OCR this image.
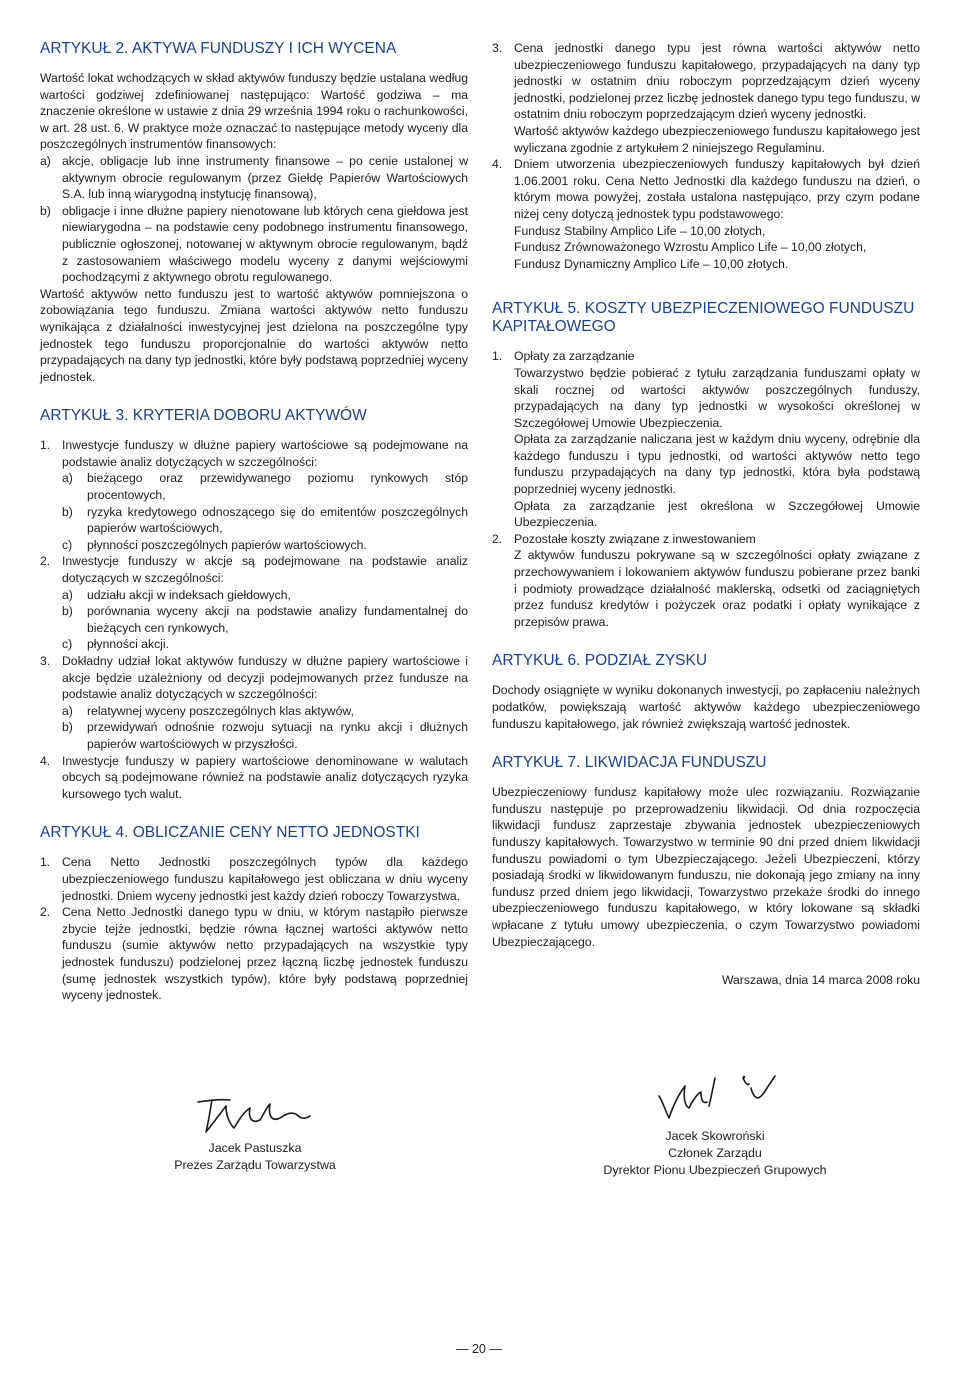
ARTYKUŁ 2. AKTYWA FUNDUSZY I ICH WYCENA

Wartość lokat wchodzących w skład aktywów funduszy będzie ustalana według wartości godziwej zdefiniowanej następująco: Wartość godziwa – ma znaczenie określone w ustawie z dnia 29 września 1994 roku o rachunkowości, w art. 28 ust. 6. W praktyce może oznaczać to następujące metody wyceny dla poszczególnych instrumentów finansowych:

a) akcje, obligacje lub inne instrumenty finansowe – po cenie ustalonej w aktywnym obrocie regulowanym (przez Giełdę Papierów Wartościowych S.A. lub inną wiarygodną instytucję finansową),
b) obligacje i inne dłużne papiery nienotowane lub których cena giełdowa jest niewiarygodna – na podstawie ceny podobnego instrumentu finansowego, publicznie ogłoszonej, notowanej w aktywnym obrocie regulowanym, bądź z zastosowaniem właściwego modelu wyceny z danymi wejściowymi pochodzącymi z aktywnego obrotu regulowanego.

Wartość aktywów netto funduszu jest to wartość aktywów pomniejszona o zobowiązania tego funduszu. Zmiana wartości aktywów netto funduszu wynikająca z działalności inwestycyjnej jest dzielona na poszczególne typy jednostek tego funduszu proporcjonalnie do wartości aktywów netto przypadających na dany typ jednostki, które były podstawą poprzedniej wyceny jednostek.

ARTYKUŁ 3. KRYTERIA DOBORU AKTYWÓW
1. Inwestycje funduszy w dłużne papiery wartościowe są podejmowane na podstawie analiz dotyczących w szczególności:
a)	bieżącego oraz przewidywanego poziomu rynkowych stóp procentowych,
b)	ryzyka kredytowego odnoszącego się do emitentów poszczególnych papierów wartościowych,
c)	płynności poszczególnych papierów wartościowych.
2. Inwestycje funduszy w akcje są podejmowane na podstawie analiz dotyczących w szczególności:
a)	udziału akcji w indeksach giełdowych,
b)	porównania wyceny akcji na podstawie analizy fundamentalnej do bieżących cen rynkowych,
c)	płynności akcji.
3. Dokładny udział lokat aktywów funduszy w dłużne papiery wartościowe i akcje będzie uzależniony od decyzji podejmowanych przez fundusze na podstawie analiz dotyczących w szczególności:
a)	relatywnej wyceny poszczególnych klas aktywów,
b)	przewidywań odnośnie rozwoju sytuacji na rynku akcji i dłużnych papierów wartościowych w przyszłości.
4. Inwestycje funduszy w papiery wartościowe denominowane w walutach obcych są podejmowane również na podstawie analiz dotyczących ryzyka kursowego tych walut.
ARTYKUŁ 4. OBLICZANIE CENY NETTO JEDNOSTKI
1. Cena Netto Jednostki poszczególnych typów dla każdego ubezpieczeniowego funduszu kapitałowego jest obliczana w dniu wyceny jednostki. Dniem wyceny jednostki jest każdy dzień roboczy Towarzystwa.
2. Cena Netto Jednostki danego typu w dniu, w którym nastąpiło pierwsze zbycie tejże jednostki, będzie równa łącznej wartości aktywów netto funduszu (sumie aktywów netto przypadających na wszystkie typy jednostek funduszu) podzielonej przez łączną liczbę jednostek funduszu (sumę jednostek wszystkich typów), które były podstawą poprzedniej wyceny jednostek.
3. Cena jednostki danego typu jest równa wartości aktywów netto ubezpieczeniowego funduszu kapitałowego, przypadających na dany typ jednostki w ostatnim dniu roboczym poprzedzającym dzień wyceny jednostki, podzielonej przez liczbę jednostek danego typu tego funduszu, w ostatnim dniu roboczym poprzedzającym dzień wyceny jednostki.
Wartość aktywów każdego ubezpieczeniowego funduszu kapitałowego jest wyliczana zgodnie z artykułem 2 niniejszego Regulaminu.
4. Dniem utworzenia ubezpieczeniowych funduszy kapitałowych był dzień 1.06.2001 roku. Cena Netto Jednostki dla każdego funduszu na dzień, o którym mowa powyżej, została ustalona następująco, przy czym podane niżej ceny dotyczą jednostek typu podstawowego:
Fundusz Stabilny Amplico Life – 10,00 złotych,
Fundusz Zrównoważonego Wzrostu Amplico Life – 10,00 złotych,
Fundusz Dynamiczny Amplico Life – 10,00 złotych.
ARTYKUŁ 5. KOSZTY UBEZPIECZENIOWEGO FUNDUSZU KAPITAŁOWEGO
1. Opłaty za zarządzanie
Towarzystwo będzie pobierać z tytułu zarządzania funduszami opłaty w skali rocznej od wartości aktywów poszczególnych funduszy, przypadających na dany typ jednostki w wysokości określonej w Szczegółowej Umowie Ubezpieczenia.
Opłata za zarządzanie naliczana jest w każdym dniu wyceny, odrębnie dla każdego funduszu i typu jednostki, od wartości aktywów netto tego funduszu przypadających na dany typ jednostki, która była podstawą poprzedniej wyceny jednostki.
Opłata za zarządzanie jest określona w Szczegółowej Umowie Ubezpieczenia.
2. Pozostałe koszty związane z inwestowaniem
Z aktywów funduszu pokrywane są w szczególności opłaty związane z przechowywaniem i lokowaniem aktywów funduszu pobierane przez banki i podmioty prowadzące działalność maklerską, odsetki od zaciągniętych przez fundusz kredytów i pożyczek oraz podatki i opłaty wynikające z przepisów prawa.
ARTYKUŁ 6. PODZIAŁ ZYSKU

Dochody osiągnięte w wyniku dokonanych inwestycji, po zapłaceniu należnych podatków, powiększają wartość aktywów każdego ubezpieczeniowego funduszu kapitałowego, jak również zwiększają wartość jednostek.

ARTYKUŁ 7. LIKWIDACJA FUNDUSZU

Ubezpieczeniowy fundusz kapitałowy może ulec rozwiązaniu. Rozwiązanie funduszu następuje po przeprowadzeniu likwidacji. Od dnia rozpoczęcia likwidacji fundusz zaprzestaje zbywania jednostek ubezpieczeniowych funduszy kapitałowych. Towarzystwo w terminie 90 dni przed dniem likwidacji funduszu powiadomi o tym Ubezpieczającego. Jeżeli Ubezpieczeni, którzy posiadają środki w likwidowanym funduszu, nie dokonają jego zmiany na inny fundusz przed dniem jego likwidacji, Towarzystwo przekaże środki do innego ubezpieczeniowego funduszu kapitałowego, w który lokowane są składki wpłacane z tytułu umowy ubezpieczenia, o czym Towarzystwo powiadomi Ubezpieczającego.

Warszawa, dnia 14 marca 2008 roku

Jacek Pastuszka
Prezes Zarządu Towarzystwa
Jacek Skowroński
Członek Zarządu
Dyrektor Pionu Ubezpieczeń Grupowych
— 20 —
